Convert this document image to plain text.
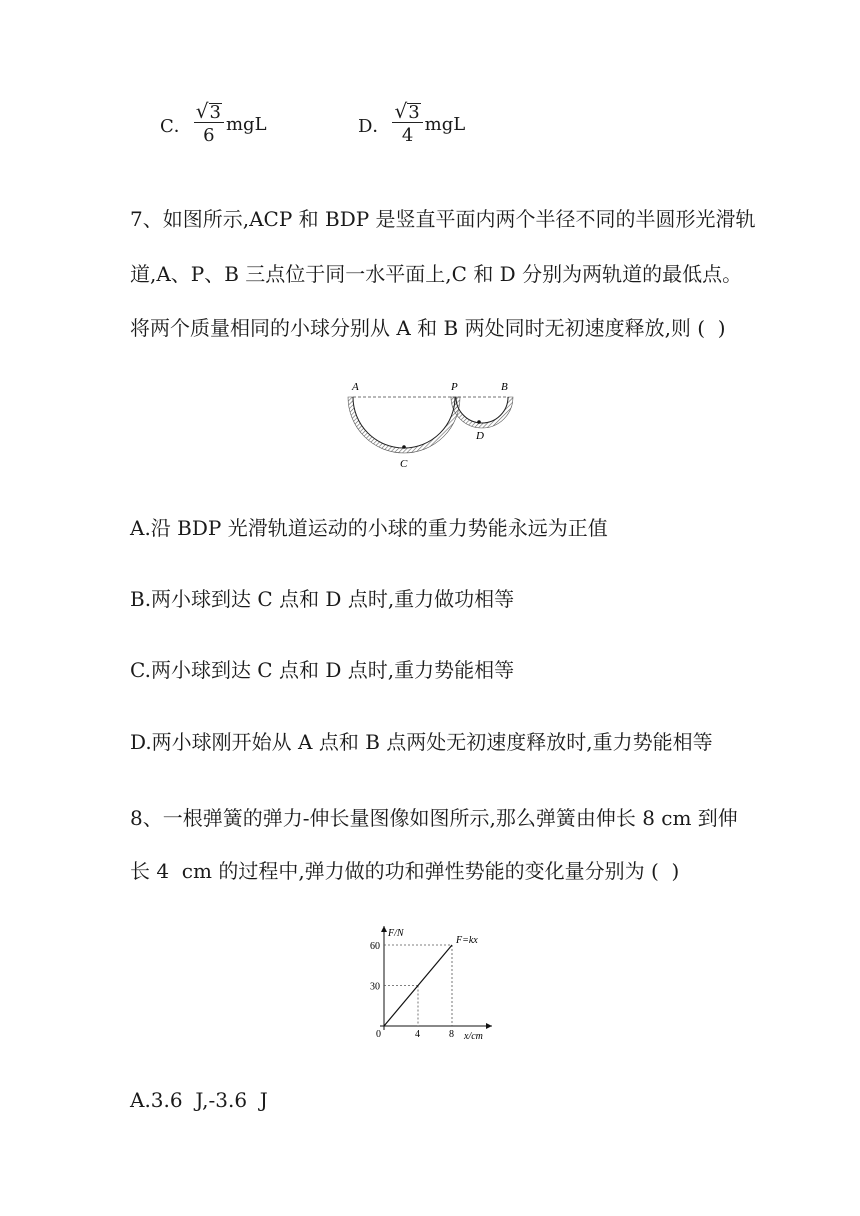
C． $\frac{√ 3}{6}$ mgL	D． $\frac{√ 3}{4}$ mgL
7、如图所示,ACP 和 BDP 是竖直平面内两个半径不同的半圆形光滑轨
道,A、P、B 三点位于同一水平面上,C 和 D 分别为两轨道的最低点。
将两个质量相同的小球分别从 A 和 B 两处同时无初速度释放,则 (  )
A	P	B
C
D
A.沿 BDP 光滑轨道运动的小球的重力势能永远为正值
B.两小球到达 C 点和 D 点时,重力做功相等
C.两小球到达 C 点和 D 点时,重力势能相等
D.两小球刚开始从 A 点和 B 点两处无初速度释放时,重力势能相等
8、一根弹簧的弹力-伸长量图像如图所示,那么弹簧由伸长 8 cm 到伸
长 4  cm 的过程中,弹力做的功和弹性势能的变化量分别为 (  )
F/N
x/cm
0
F=kx
4	8
30
60
A.3.6  J,-3.6  J
